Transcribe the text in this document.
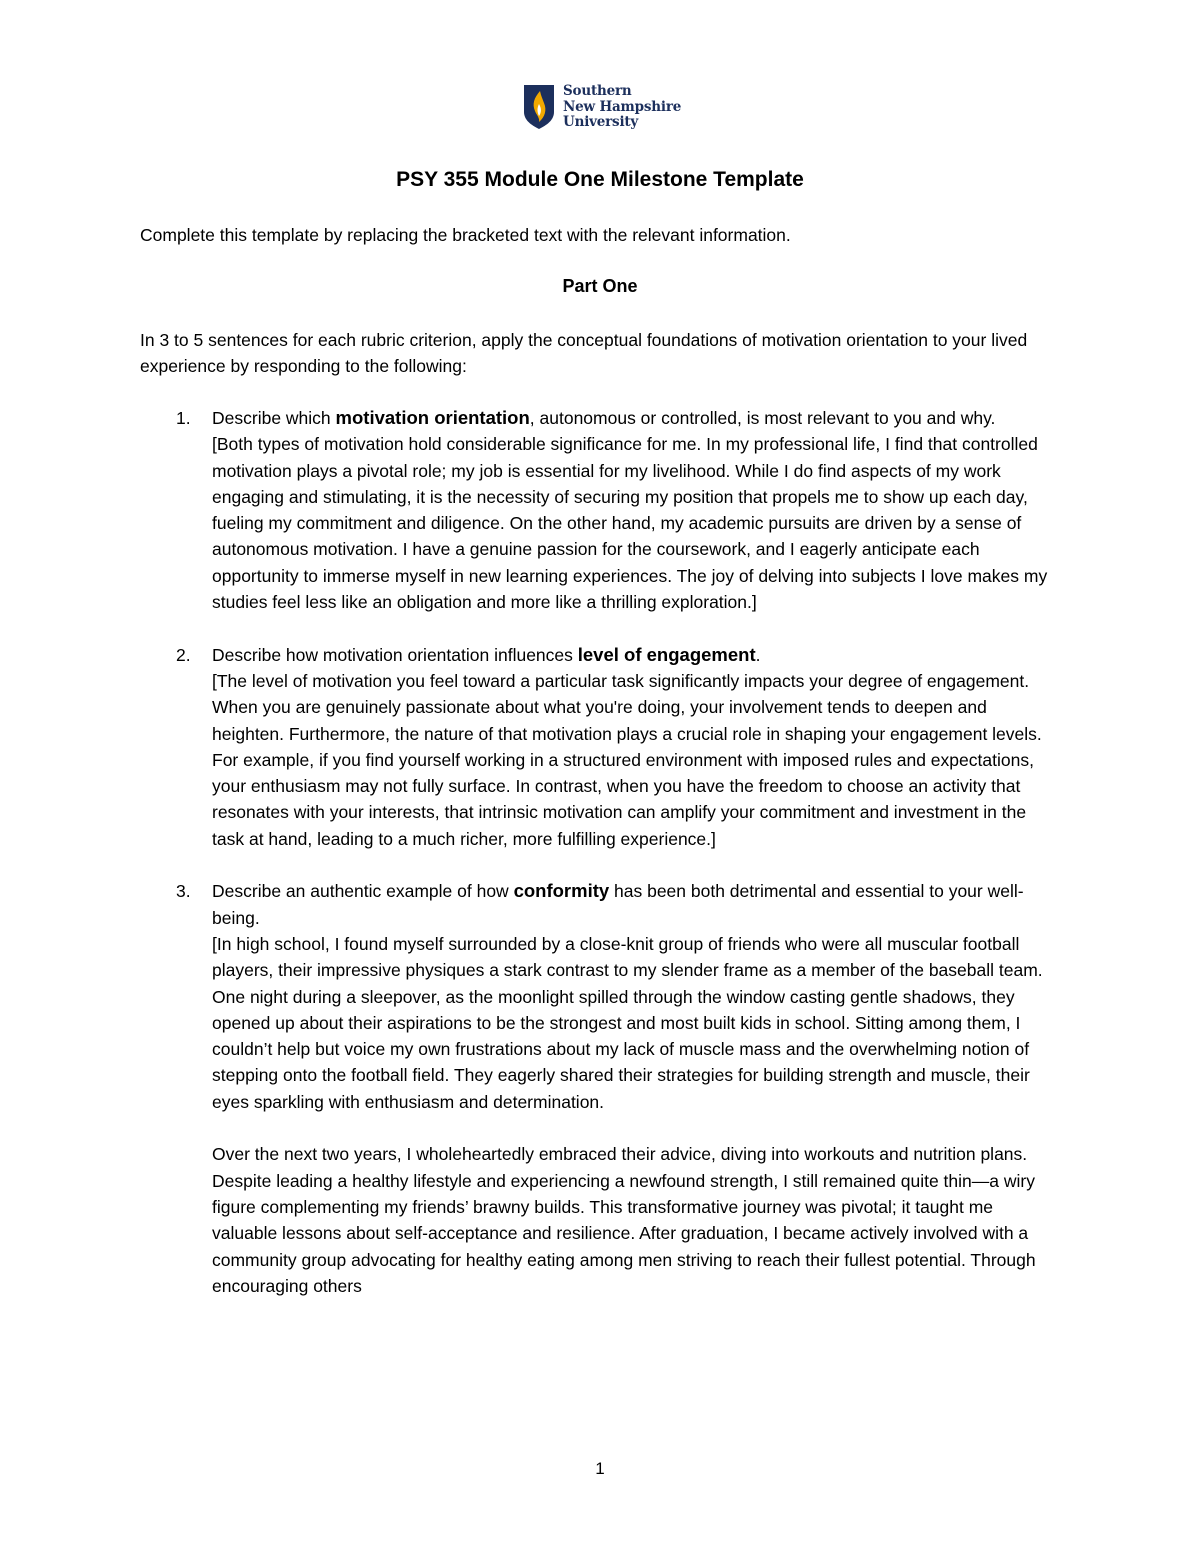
Southern
New Hampshire
University
PSY 355 Module One Milestone Template
Complete this template by replacing the bracketed text with the relevant information.
Part One
In 3 to 5 sentences for each rubric criterion, apply the conceptual foundations of motivation orientation to your lived experience by responding to the following:
1. Describe which motivation orientation, autonomous or controlled, is most relevant to you and why.
[Both types of motivation hold considerable significance for me. In my professional life, I find that controlled motivation plays a pivotal role; my job is essential for my livelihood. While I do find aspects of my work engaging and stimulating, it is the necessity of securing my position that propels me to show up each day, fueling my commitment and diligence. On the other hand, my academic pursuits are driven by a sense of autonomous motivation. I have a genuine passion for the coursework, and I eagerly anticipate each opportunity to immerse myself in new learning experiences. The joy of delving into subjects I love makes my studies feel less like an obligation and more like a thrilling exploration.]
2. Describe how motivation orientation influences level of engagement.
[The level of motivation you feel toward a particular task significantly impacts your degree of engagement. When you are genuinely passionate about what you're doing, your involvement tends to deepen and heighten. Furthermore, the nature of that motivation plays a crucial role in shaping your engagement levels. For example, if you find yourself working in a structured environment with imposed rules and expectations, your enthusiasm may not fully surface. In contrast, when you have the freedom to choose an activity that resonates with your interests, that intrinsic motivation can amplify your commitment and investment in the task at hand, leading to a much richer, more fulfilling experience.]
3. Describe an authentic example of how conformity has been both detrimental and essential to your well-being.
[In high school, I found myself surrounded by a close-knit group of friends who were all muscular football players, their impressive physiques a stark contrast to my slender frame as a member of the baseball team. One night during a sleepover, as the moonlight spilled through the window casting gentle shadows, they opened up about their aspirations to be the strongest and most built kids in school. Sitting among them, I couldn’t help but voice my own frustrations about my lack of muscle mass and the overwhelming notion of stepping onto the football field. They eagerly shared their strategies for building strength and muscle, their eyes sparkling with enthusiasm and determination.
Over the next two years, I wholeheartedly embraced their advice, diving into workouts and nutrition plans. Despite leading a healthy lifestyle and experiencing a newfound strength, I still remained quite thin—a wiry figure complementing my friends’ brawny builds. This transformative journey was pivotal; it taught me valuable lessons about self-acceptance and resilience. After graduation, I became actively involved with a community group advocating for healthy eating among men striving to reach their fullest potential. Through encouraging others
1
